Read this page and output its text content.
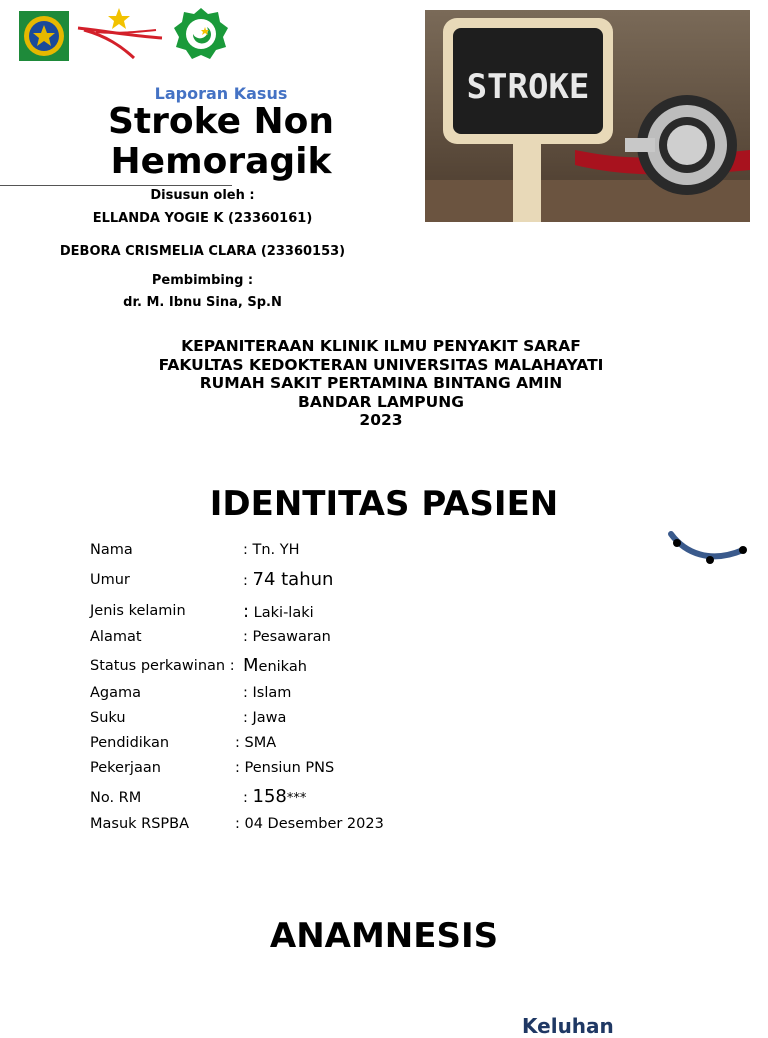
Laporan Kasus
Stroke Non
Hemoragik
Disusun oleh :
ELLANDA YOGIE K (23360161)
DEBORA CRISMELIA CLARA (23360153)
Pembimbing :
dr. M. Ibnu Sina, Sp.N
STROKE
KEPANITERAAN KLINIK ILMU PENYAKIT SARAF
FAKULTAS KEDOKTERAN UNIVERSITAS MALAHAYATI
RUMAH SAKIT PERTAMINA BINTANG AMIN
BANDAR LAMPUNG
2023
IDENTITAS PASIEN
Nama	: Tn. YH
Umur	: 74 tahun
Jenis kelamin	: Laki-laki
Alamat	: Pesawaran
Status perkawinan : Menikah
Agama	: Islam
Suku	: Jawa
Pendidikan	: SMA
Pekerjaan	: Pensiun PNS
No. RM	: 158***
Masuk RSPBA	: 04 Desember 2023
ANAMNESIS
Keluhan
